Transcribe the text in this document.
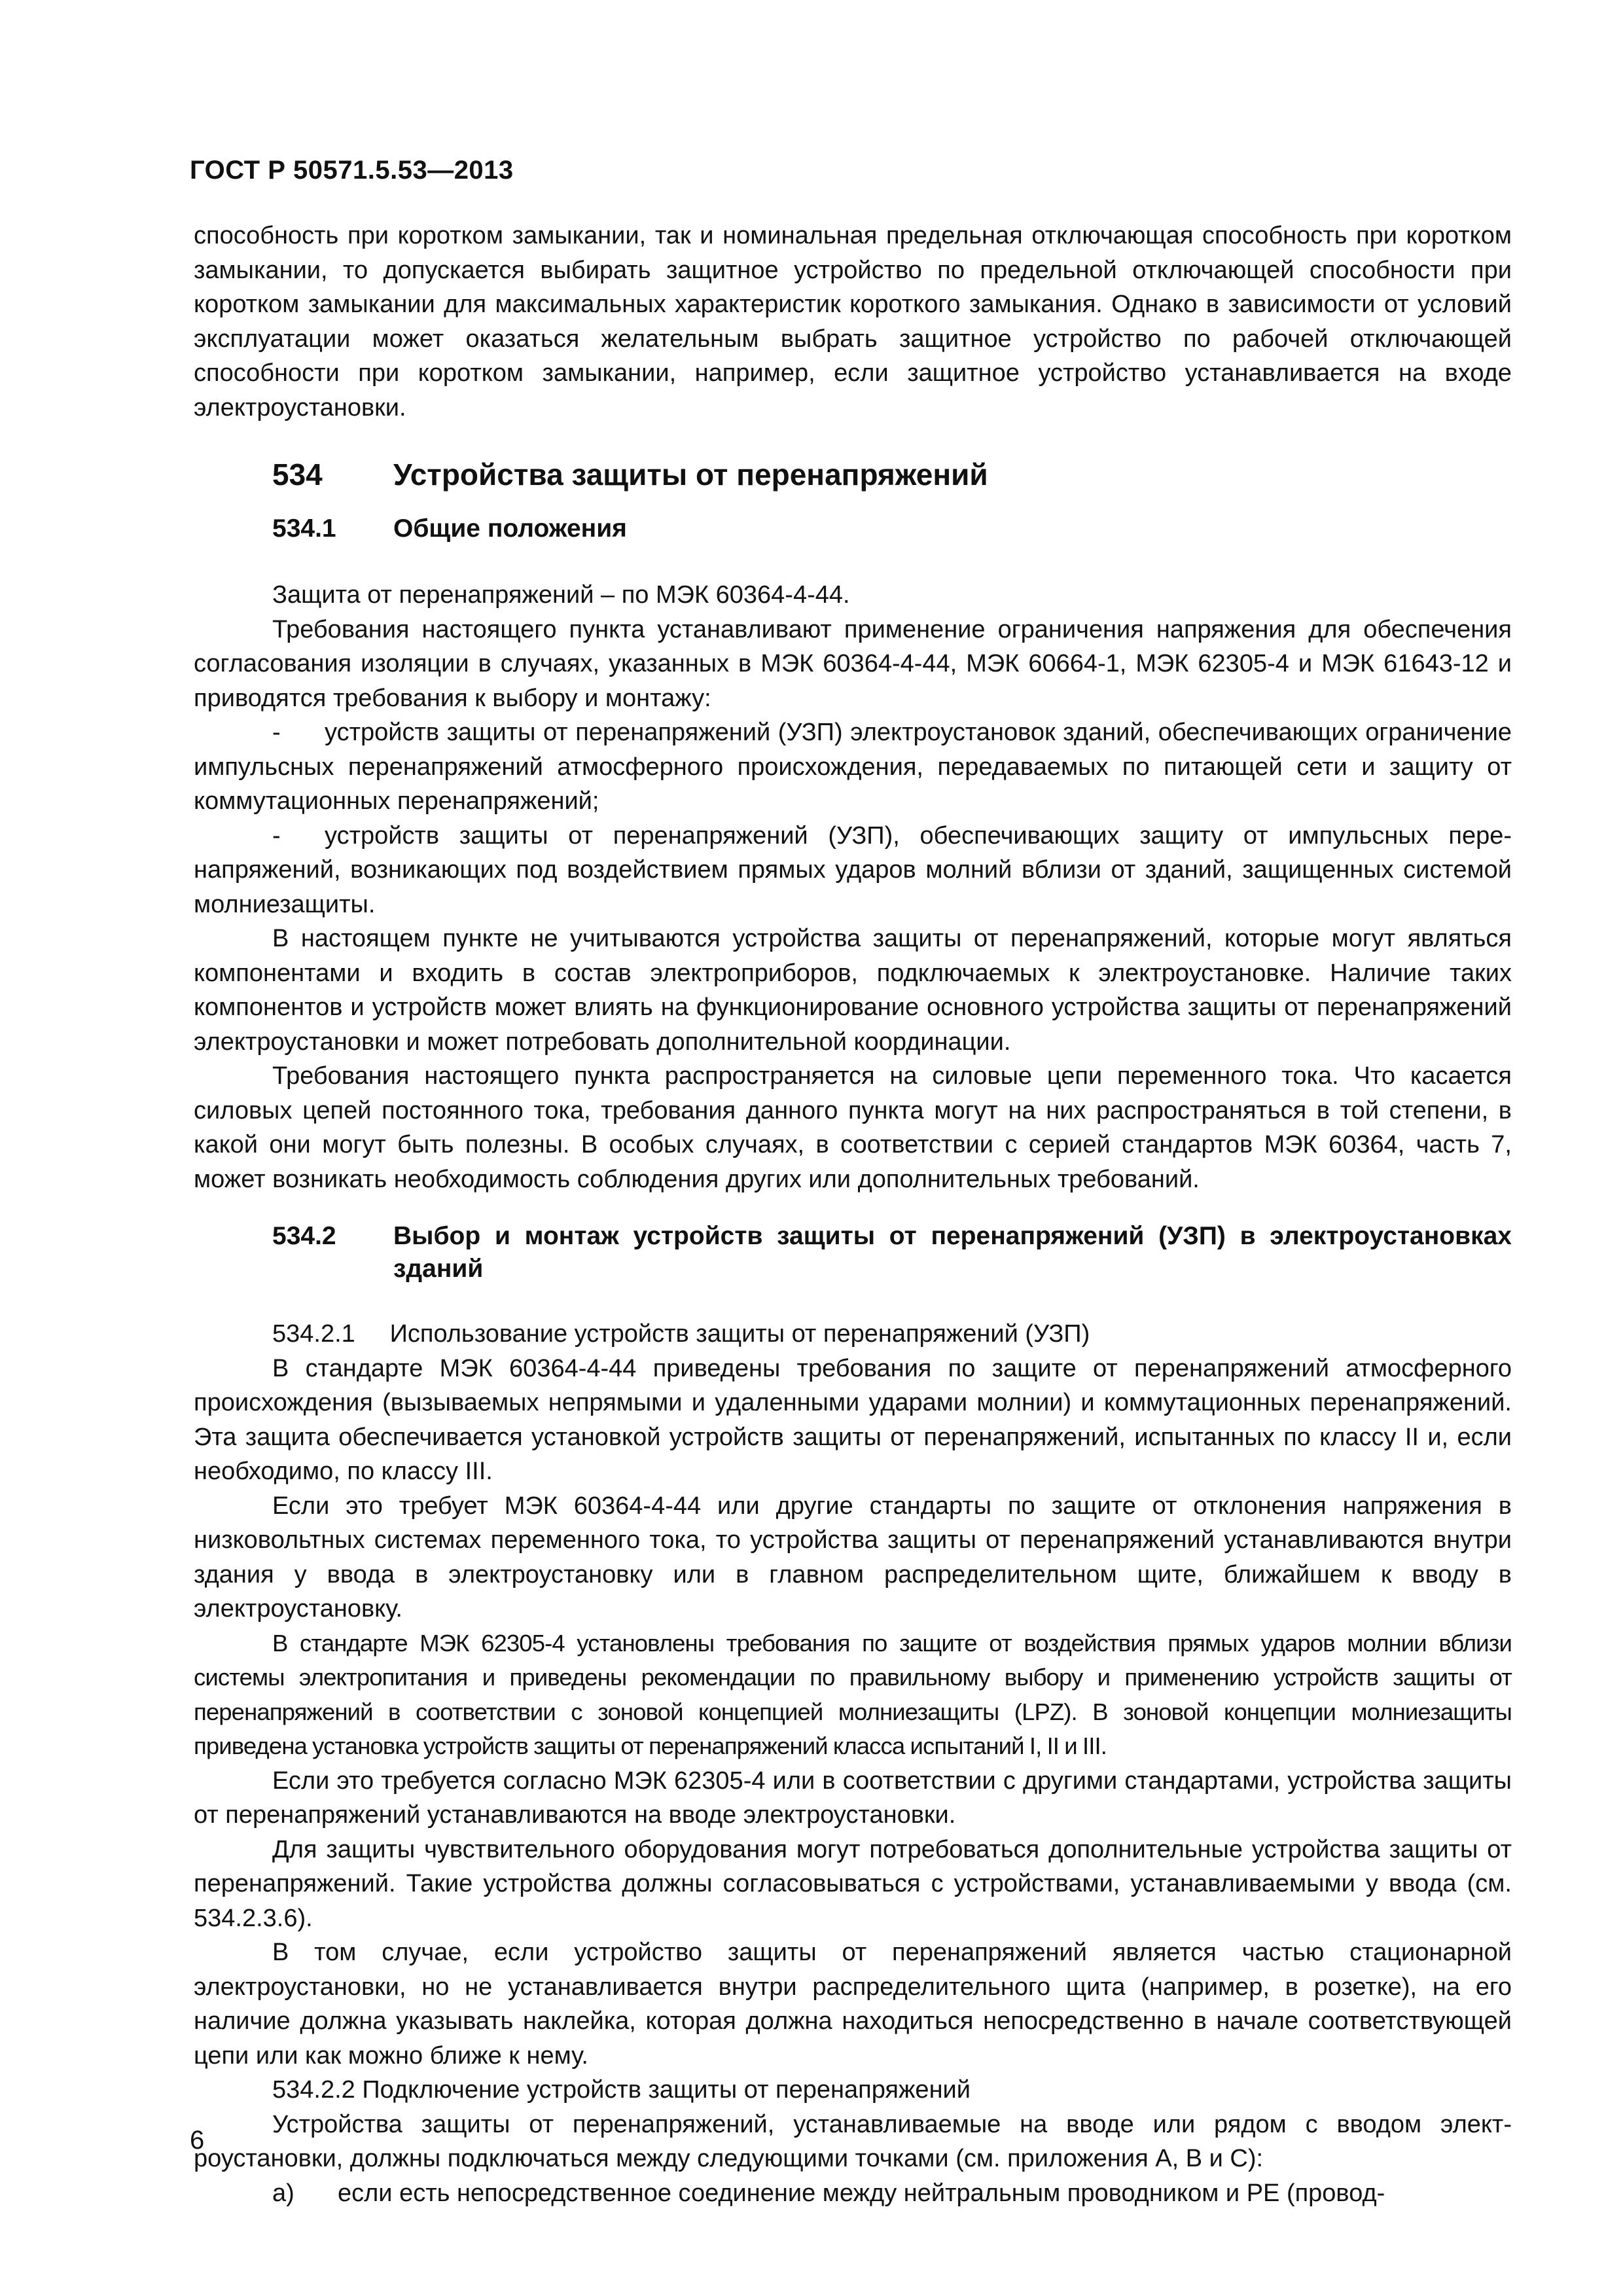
ГОСТ Р 50571.5.53—2013

способность при коротком замыкании, так и номинальная предельная отключающая способность при коротком замыкании, то допускается выбирать защитное устройство по предельной отключающей способности при коротком замыкании для максимальных характеристик короткого замыкания. Однако в зависимости от условий эксплуатации может оказаться желательным выбрать защитное устройство по рабочей отключающей способности при коротком замыкании, например, если защитное устройство устанавливается на входе электроустановки.

534	Устройства защиты от перенапряжений
534.1	Общие положения

Защита от перенапряжений – по МЭК 60364-4-44.

Требования настоящего пункта устанавливают применение ограничения напряжения для обеспечения согласования изоляции в случаях, указанных в МЭК 60364-4-44, МЭК 60664-1, МЭК 62305-4 и МЭК 61643-12 и приводятся требования к выбору и монтажу:

- устройств защиты от перенапряжений (УЗП) электроустановок зданий, обеспечивающих ограничение импульсных перенапряжений атмосферного происхождения, передаваемых по питающей сети и защиту от коммутационных перенапряжений;

- устройств защиты от перенапряжений (УЗП), обеспечивающих защиту от импульсных перенапряжений, возникающих под воздействием прямых ударов молний вблизи от зданий, защищенных системой молниезащиты.

В настоящем пункте не учитываются устройства защиты от перенапряжений, которые могут являться компонентами и входить в состав электроприборов, подключаемых к электроустановке. Наличие таких компонентов и устройств может влиять на функционирование основного устройства защиты от перенапряжений электроустановки и может потребовать дополнительной координации.

Требования настоящего пункта распространяется на силовые цепи переменного тока. Что касается силовых цепей постоянного тока, требования данного пункта могут на них распространяться в той степени, в какой они могут быть полезны. В особых случаях, в соответствии с серией стандартов МЭК 60364, часть 7, может возникать необходимость соблюдения других или дополнительных требований.

534.2	Выбор и монтаж устройств защиты от перенапряжений (УЗП) в электроустановках зданий

534.2.1     Использование устройств защиты от перенапряжений (УЗП)

В стандарте МЭК 60364-4-44 приведены требования по защите от перенапряжений атмосферного происхождения (вызываемых непрямыми и удаленными ударами молнии) и коммутационных перенапряжений. Эта защита обеспечивается установкой устройств защиты от перенапряжений, испытанных по классу II и, если необходимо, по классу III.

Если это требует МЭК 60364-4-44 или другие стандарты по защите от отклонения напряжения в низковольтных системах переменного тока, то устройства защиты от перенапряжений устанавливаются внутри здания у ввода в электроустановку или в главном распределительном щите, ближайшем к вводу в электроустановку.

В стандарте МЭК 62305-4 установлены требования по защите от воздействия прямых ударов молнии вблизи системы электропитания и приведены рекомендации по правильному выбору и применению устройств защиты от перенапряжений в соответствии с зоновой концепцией молниезащиты (LPZ). В зоновой концепции молниезащиты приведена установка устройств защиты от перенапряжений класса испытаний I, II и III.

Если это требуется согласно МЭК 62305-4 или в соответствии с другими стандартами, устройства защиты от перенапряжений устанавливаются на вводе электроустановки.

Для защиты чувствительного оборудования могут потребоваться дополнительные устройства защиты от перенапряжений. Такие устройства должны согласовываться с устройствами, устанавливаемыми у ввода (см. 534.2.3.6).

В том случае, если устройство защиты от перенапряжений является частью стационарной электроустановки, но не устанавливается внутри распределительного щита (например, в розетке), на его наличие должна указывать наклейка, которая должна находиться непосредственно в начале соответствующей цепи или как можно ближе к нему.

534.2.2 Подключение устройств защиты от перенапряжений

Устройства защиты от перенапряжений, устанавливаемые на вводе или рядом с вводом электроустановки, должны подключаться между следующими точками (см. приложения А, В и С):

а) если есть непосредственное соединение между нейтральным проводником и РЕ (провод-

6
